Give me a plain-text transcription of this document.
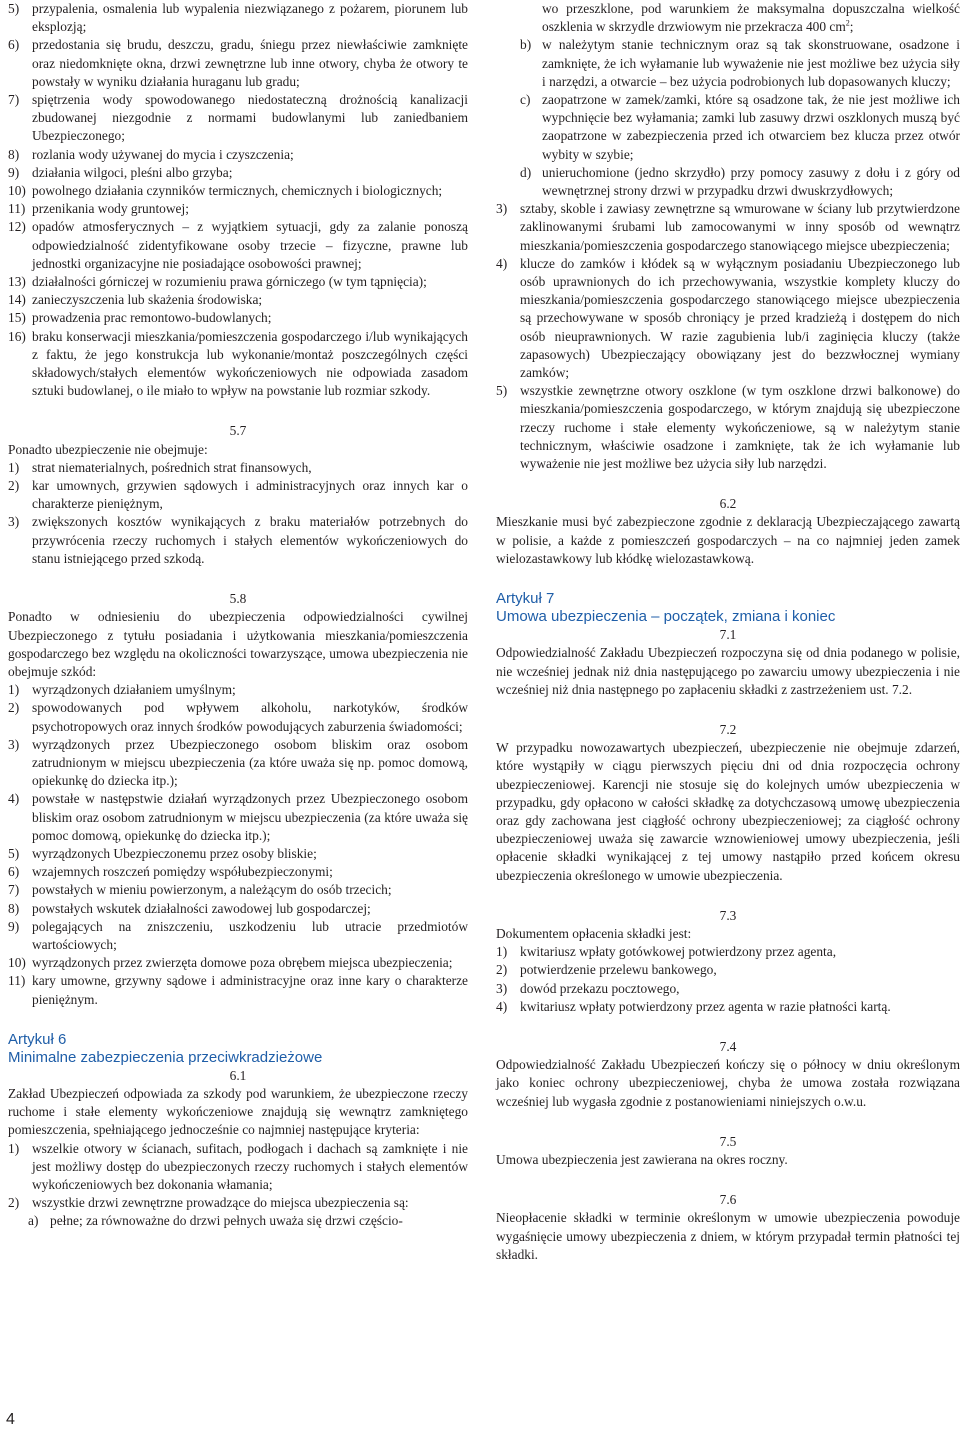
5) przypalenia, osmalenia lub wypalenia niezwiązanego z pożarem, piorunem lub eksplozją;

6) przedostania się brudu, deszczu, gradu, śniegu przez niewłaściwie zamknięte oraz niedomknięte okna, drzwi zewnętrzne lub inne otwory, chyba że otwory te powstały w wyniku działania huraganu lub gradu;

7) spiętrzenia wody spowodowanego niedostateczną drożnością kanalizacji zbudowanej niezgodnie z normami budowlanymi lub zaniedbaniem Ubezpieczonego;

8) rozlania wody używanej do mycia i czyszczenia;

9) działania wilgoci, pleśni albo grzyba;

10) powolnego działania czynników termicznych, chemicznych i biologicznych;

11) przenikania wody gruntowej;

12) opadów atmosferycznych – z wyjątkiem sytuacji, gdy za zalanie ponoszą odpowiedzialność zidentyfikowane osoby trzecie – fizyczne, prawne lub jednostki organizacyjne nie posiadające osobowości prawnej;

13) działalności górniczej w rozumieniu prawa górniczego (w tym tąpnięcia);

14) zanieczyszczenia lub skażenia środowiska;

15) prowadzenia prac remontowo-budowlanych;

16) braku konserwacji mieszkania/pomieszczenia gospodarczego i/lub wynikających z faktu, że jego konstrukcja lub wykonanie/montaż poszczególnych części składowych/stałych elementów wykończeniowych nie odpowiada zasadom sztuki budowlanej, o ile miało to wpływ na powstanie lub rozmiar szkody.

5.7

Ponadto ubezpieczenie nie obejmuje:

1) strat niematerialnych, pośrednich strat finansowych,

2) kar umownych, grzywien sądowych i administracyjnych oraz innych kar o charakterze pieniężnym,

3) zwiększonych kosztów wynikających z braku materiałów potrzebnych do przywrócenia rzeczy ruchomych i stałych elementów wykończeniowych do stanu istniejącego przed szkodą.

5.8

Ponadto w odniesieniu do ubezpieczenia odpowiedzialności cywilnej Ubezpieczonego z tytułu posiadania i użytkowania mieszkania/pomieszczenia gospodarczego bez względu na okoliczności towarzyszące, umowa ubezpieczenia nie obejmuje szkód:

1) wyrządzonych działaniem umyślnym;

2) spowodowanych pod wpływem alkoholu, narkotyków, środków psychotropowych oraz innych środków powodujących zaburzenia świadomości;

3) wyrządzonych przez Ubezpieczonego osobom bliskim oraz osobom zatrudnionym w miejscu ubezpieczenia (za które uważa się np. pomoc domową, opiekunkę do dziecka itp.);

4) powstałe w następstwie działań wyrządzonych przez Ubezpieczonego osobom bliskim oraz osobom zatrudnionym w miejscu ubezpieczenia (za które uważa się pomoc domową, opiekunkę do dziecka itp.);

5) wyrządzonych Ubezpieczonemu przez osoby bliskie;

6) wzajemnych roszczeń pomiędzy współubezpieczonymi;

7) powstałych w mieniu powierzonym, a należącym do osób trzecich;

8) powstałych wskutek działalności zawodowej lub gospodarczej;

9) polegających na zniszczeniu, uszkodzeniu lub utracie przedmiotów wartościowych;

10) wyrządzonych przez zwierzęta domowe poza obrębem miejsca ubezpieczenia;

11) kary umowne, grzywny sądowe i administracyjne oraz inne kary o charakterze pieniężnym.

Artykuł 6

Minimalne zabezpieczenia przeciwkradzieżowe

6.1

Zakład Ubezpieczeń odpowiada za szkody pod warunkiem, że ubezpieczone rzeczy ruchome i stałe elementy wykończeniowe znajdują się wewnątrz zamkniętego pomieszczenia, spełniającego jednocześnie co najmniej następujące kryteria:

1) wszelkie otwory w ścianach, sufitach, podłogach i dachach są zamknięte i nie jest możliwy dostęp do ubezpieczonych rzeczy ruchomych i stałych elementów wykończeniowych bez dokonania włamania;

2) wszystkie drzwi zewnętrzne prowadzące do miejsca ubezpieczenia są:

a) pełne; za równoważne do drzwi pełnych uważa się drzwi częścio-

wo przeszklone, pod warunkiem że maksymalna dopuszczalna wielkość oszklenia w skrzydle drzwiowym nie przekracza 400 $cm^2$;

b) w należytym stanie technicznym oraz są tak skonstruowane, osadzone i zamknięte, że ich wyłamanie lub wyważenie nie jest możliwe bez użycia siły i narzędzi, a otwarcie – bez użycia podrobionych lub dopasowanych kluczy;

c) zaopatrzone w zamek/zamki, które są osadzone tak, że nie jest możliwe ich wypchnięcie bez wyłamania; zamki lub zasuwy drzwi oszklonych muszą być zaopatrzone w zabezpieczenia przed ich otwarciem bez klucza przez otwór wybity w szybie;

d) unieruchomione (jedno skrzydło) przy pomocy zasuwy z dołu i z góry od wewnętrznej strony drzwi w przypadku drzwi dwuskrzydłowych;

3) sztaby, skoble i zawiasy zewnętrzne są wmurowane w ściany lub przytwierdzone zaklinowanymi śrubami lub zamocowanymi w inny sposób od wewnątrz mieszkania/pomieszczenia gospodarczego stanowiącego miejsce ubezpieczenia;

4) klucze do zamków i kłódek są w wyłącznym posiadaniu Ubezpieczonego lub osób uprawnionych do ich przechowywania, wszystkie komplety kluczy do mieszkania/pomieszczenia gospodarczego stanowiącego miejsce ubezpieczenia są przechowywane w sposób chroniący je przed kradzieżą i dostępem do nich osób nieuprawnionych. W razie zagubienia lub/i zaginięcia kluczy (także zapasowych) Ubezpieczający obowiązany jest do bezzwłocznej wymiany zamków;

5) wszystkie zewnętrzne otwory oszklone (w tym oszklone drzwi balkonowe) do mieszkania/pomieszczenia gospodarczego, w którym znajdują się ubezpieczone rzeczy ruchome i stałe elementy wykończeniowe, są w należytym stanie technicznym, właściwie osadzone i zamknięte, tak że ich wyłamanie lub wyważenie nie jest możliwe bez użycia siły lub narzędzi.

6.2

Mieszkanie musi być zabezpieczone zgodnie z deklaracją Ubezpieczającego zawartą w polisie, a każde z pomieszczeń gospodarczych – na co najmniej jeden zamek wielozastawkowy lub kłódkę wielozastawkową.

Artykuł 7

Umowa ubezpieczenia – początek, zmiana i koniec

7.1

Odpowiedzialność Zakładu Ubezpieczeń rozpoczyna się od dnia podanego w polisie, nie wcześniej jednak niż dnia następującego po zawarciu umowy ubezpieczenia i nie wcześniej niż dnia następnego po zapłaceniu składki z zastrzeżeniem ust. 7.2.

7.2

W przypadku nowozawartych ubezpieczeń, ubezpieczenie nie obejmuje zdarzeń, które wystąpiły w ciągu pierwszych pięciu dni od dnia rozpoczęcia ochrony ubezpieczeniowej. Karencji nie stosuje się do kolejnych umów ubezpieczenia w przypadku, gdy opłacono w całości składkę za dotychczasową umowę ubezpieczenia oraz gdy zachowana jest ciągłość ochrony ubezpieczeniowej; za ciągłość ochrony ubezpieczeniowej uważa się zawarcie wznowieniowej umowy ubezpieczenia, jeśli opłacenie składki wynikającej z tej umowy nastąpiło przed końcem okresu ubezpieczenia określonego w umowie ubezpieczenia.

7.3

Dokumentem opłacenia składki jest:

1) kwitariusz wpłaty gotówkowej potwierdzony przez agenta,

2) potwierdzenie przelewu bankowego,

3) dowód przekazu pocztowego,

4) kwitariusz wpłaty potwierdzony przez agenta w razie płatności kartą.

7.4

Odpowiedzialność Zakładu Ubezpieczeń kończy się o północy w dniu określonym jako koniec ochrony ubezpieczeniowej, chyba że umowa została rozwiązana wcześniej lub wygasła zgodnie z postanowieniami niniejszych o.w.u.

7.5

Umowa ubezpieczenia jest zawierana na okres roczny.

7.6

Nieopłacenie składki w terminie określonym w umowie ubezpieczenia powoduje wygaśnięcie umowy ubezpieczenia z dniem, w którym przypadał termin płatności tej składki.

4
